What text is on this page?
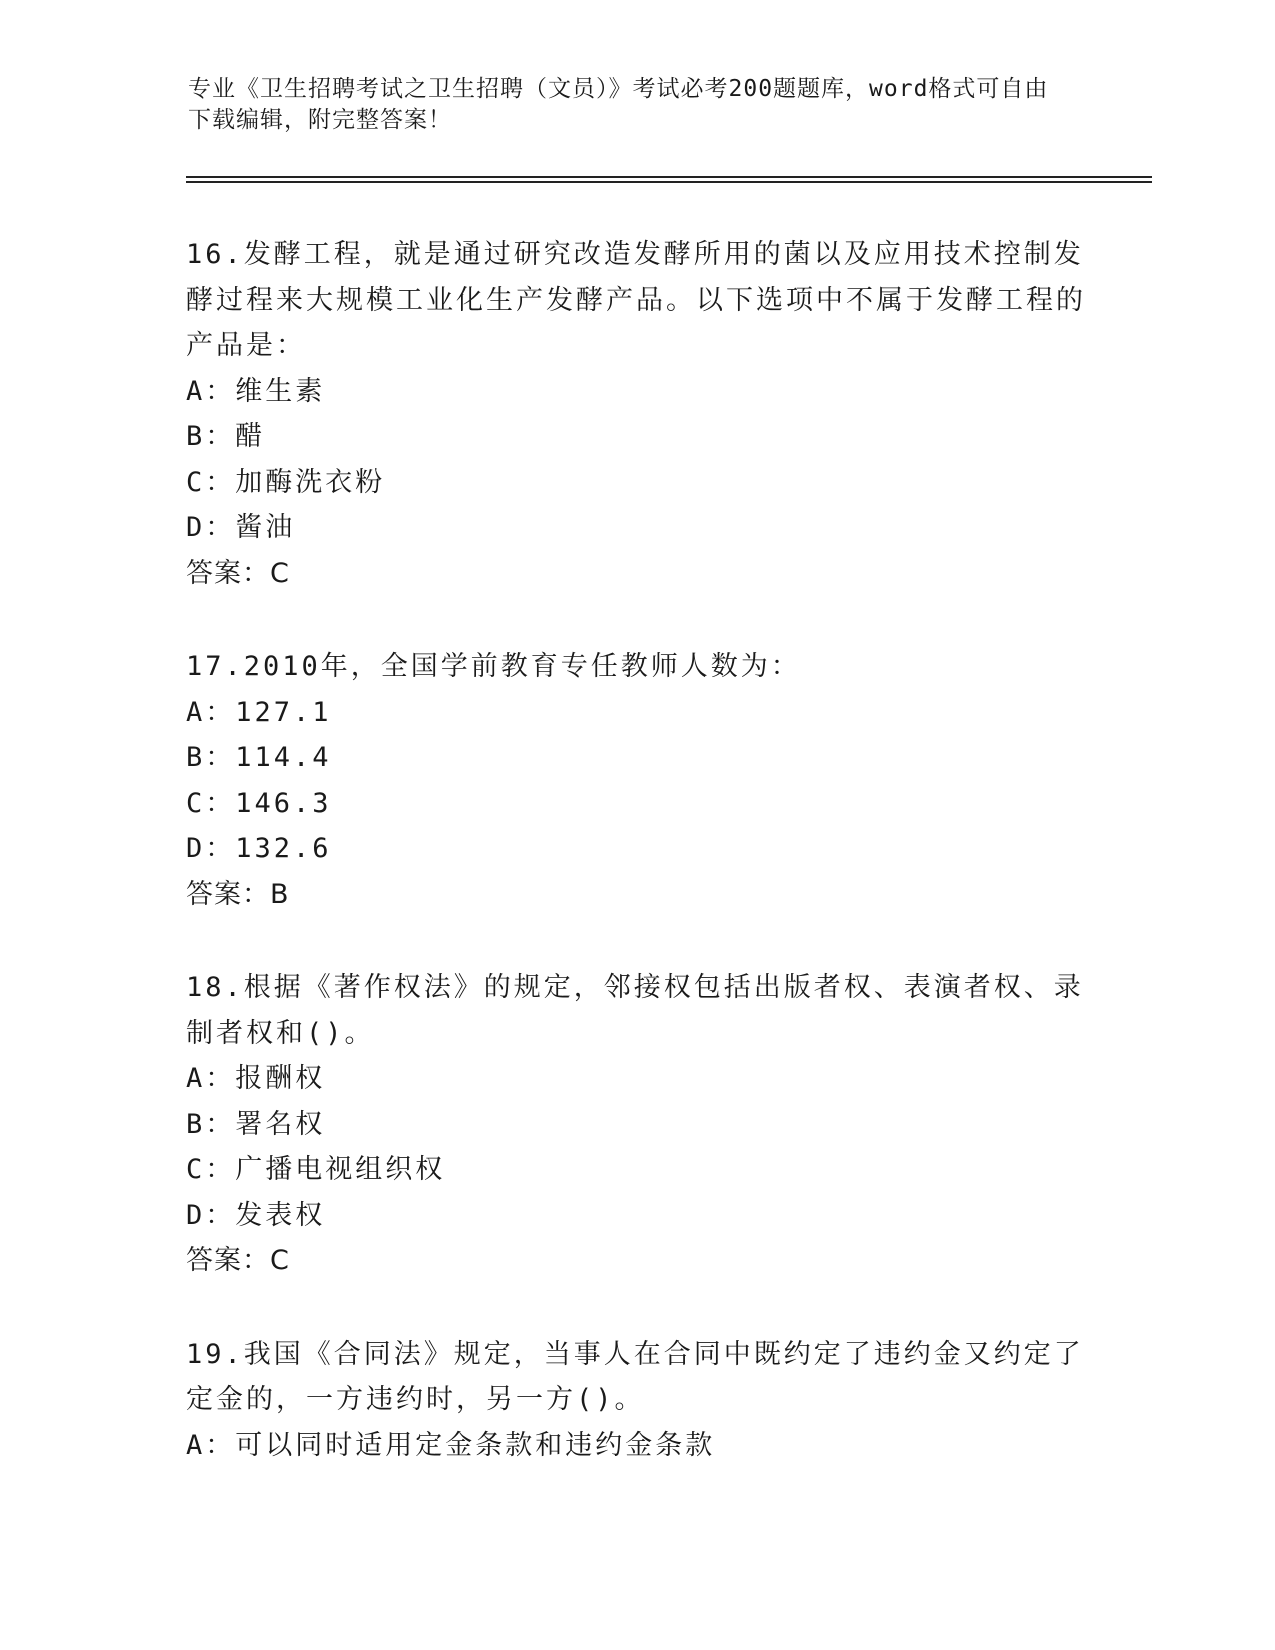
专业《卫生招聘考试之卫生招聘（文员）》考试必考200题题库，word格式可自由下载编辑，附完整答案！
16.发酵工程，就是通过研究改造发酵所用的菌以及应用技术控制发酵过程来大规模工业化生产发酵产品。以下选项中不属于发酵工程的产品是：
A：维生素
B：醋
C：加酶洗衣粉
D：酱油
答案：C
17.2010年，全国学前教育专任教师人数为：
A：127.1
B：114.4
C：146.3
D：132.6
答案：B
18.根据《著作权法》的规定，邻接权包括出版者权、表演者权、录制者权和()。
A：报酬权
B：署名权
C：广播电视组织权
D：发表权
答案：C
19.我国《合同法》规定，当事人在合同中既约定了违约金又约定了定金的，一方违约时，另一方()。
A：可以同时适用定金条款和违约金条款
